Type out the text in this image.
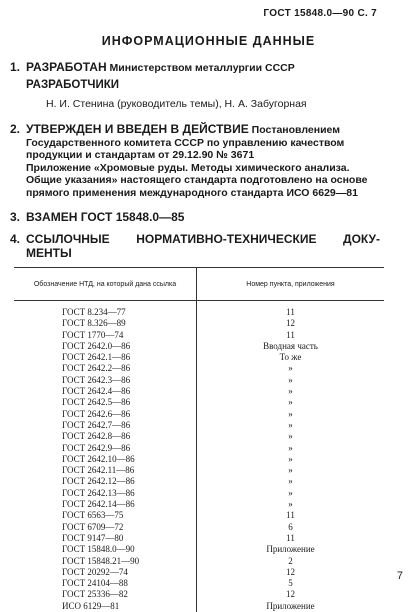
ГОСТ 15848.0—90 С. 7
ИНФОРМАЦИОННЫЕ ДАННЫЕ
1. РАЗРАБОТАН Министерством металлургии СССР
РАЗРАБОТЧИКИ
Н. И. Стенина (руководитель темы), Н. А. Забугорная
2. УТВЕРЖДЕН И ВВЕДЕН В ДЕЙСТВИЕ Постановлением Государственного комитета СССР по управлению качеством продукции и стандартам от 29.12.90 № 3671
Приложение «Хромовые руды. Методы химического анализа. Общие указания» настоящего стандарта подготовлено на основе прямого применения международного стандарта ИСО 6629—81
3. ВЗАМЕН ГОСТ 15848.0—85
4. ССЫЛОЧНЫЕ НОРМАТИВНО-ТЕХНИЧЕСКИЕ ДОКУ-
МЕНТЫ
Обозначение НТД, на который дана ссылка	Номер пункта, приложения
ГОСТ 8.234—77	11
ГОСТ 8.326—89	12
ГОСТ 1770—74	11
ГОСТ 2642.0—86	Вводная часть
ГОСТ 2642.1—86	То же
ГОСТ 2642.2—86	»
ГОСТ 2642.3—86	»
ГОСТ 2642.4—86	»
ГОСТ 2642.5—86	»
ГОСТ 2642.6—86	»
ГОСТ 2642.7—86	»
ГОСТ 2642.8—86	»
ГОСТ 2642.9—86	»
ГОСТ 2642.10—86	»
ГОСТ 2642.11—86	»
ГОСТ 2642.12—86	»
ГОСТ 2642.13—86	»
ГОСТ 2642.14—86	»
ГОСТ 6563—75	11
ГОСТ 6709—72	6
ГОСТ 9147—80	11
ГОСТ 15848.0—90	Приложение
ГОСТ 15848.21—90	2
ГОСТ 20292—74	12
ГОСТ 24104—88	5
ГОСТ 25336—82	12
ИСО 6129—81	Приложение
7
